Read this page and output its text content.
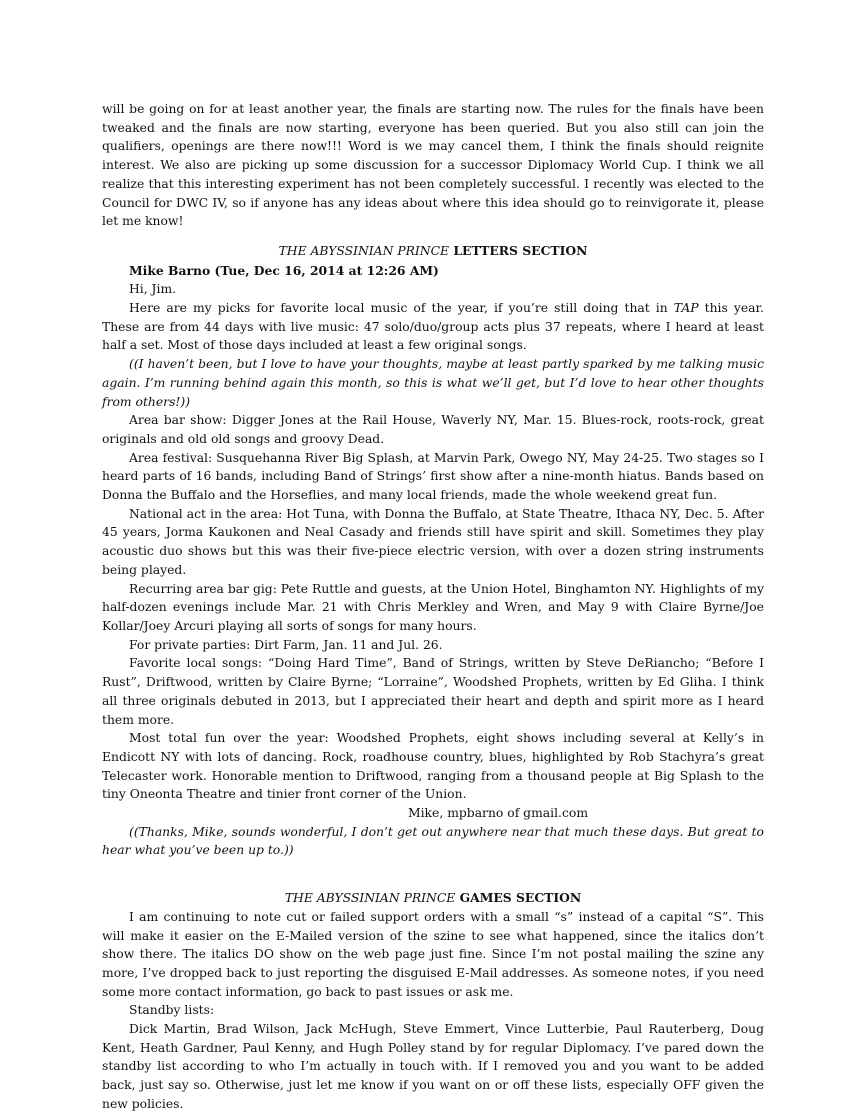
will be going on for at least another year, the finals are starting now. The rules for the finals have been tweaked and the finals are now starting, everyone has been queried. But you also still can join the qualifiers, openings are there now!!! Word is we may cancel them, I think the finals should reignite interest. We also are picking up some discussion for a successor Diplomacy World Cup. I think we all realize that this interesting experiment has not been completely successful. I recently was elected to the Council for DWC IV, so if anyone has any ideas about where this idea should go to reinvigorate it, please let me know!

THE ABYSSINIAN PRINCE LETTERS SECTION
Mike Barno (Tue, Dec 16, 2014 at 12:26 AM)

Hi, Jim.

Here are my picks for favorite local music of the year, if you’re still doing that in TAP this year. These are from 44 days with live music: 47 solo/duo/group acts plus 37 repeats, where I heard at least half a set. Most of those days included at least a few original songs.

((I haven’t been, but I love to have your thoughts, maybe at least partly sparked by me talking music again. I’m running behind again this month, so this is what we’ll get, but I’d love to hear other thoughts from others!))

Area bar show: Digger Jones at the Rail House, Waverly NY, Mar. 15. Blues-rock, roots-rock, great originals and old old songs and groovy Dead.

Area festival: Susquehanna River Big Splash, at Marvin Park, Owego NY, May 24-25. Two stages so I heard parts of 16 bands, including Band of Strings’ first show after a nine-month hiatus. Bands based on Donna the Buffalo and the Horseflies, and many local friends, made the whole weekend great fun.

National act in the area: Hot Tuna, with Donna the Buffalo, at State Theatre, Ithaca NY, Dec. 5. After 45 years, Jorma Kaukonen and Neal Casady and friends still have spirit and skill. Sometimes they play acoustic duo shows but this was their five-piece electric version, with over a dozen string instruments being played.

Recurring area bar gig: Pete Ruttle and guests, at the Union Hotel, Binghamton NY. Highlights of my half-dozen evenings include Mar. 21 with Chris Merkley and Wren, and May 9 with Claire Byrne/Joe Kollar/Joey Arcuri playing all sorts of songs for many hours.

For private parties: Dirt Farm, Jan. 11 and Jul. 26.

Favorite local songs: “Doing Hard Time”, Band of Strings, written by Steve DeRiancho; “Before I Rust”, Driftwood, written by Claire Byrne; “Lorraine”, Woodshed Prophets, written by Ed Gliha. I think all three originals debuted in 2013, but I appreciated their heart and depth and spirit more as I heard them more.

Most total fun over the year: Woodshed Prophets, eight shows including several at Kelly’s in Endicott NY with lots of dancing. Rock, roadhouse country, blues, highlighted by Rob Stachyra’s great Telecaster work. Honorable mention to Driftwood, ranging from a thousand people at Big Splash to the tiny Oneonta Theatre and tinier front corner of the Union.

Mike, mpbarno of gmail.com

((Thanks, Mike, sounds wonderful, I don’t get out anywhere near that much these days. But great to hear what you’ve been up to.))

THE ABYSSINIAN PRINCE GAMES SECTION

I am continuing to note cut or failed support orders with a small “s” instead of a capital “S”. This will make it easier on the E-Mailed version of the szine to see what happened, since the italics don’t show there. The italics DO show on the web page just fine. Since I’m not postal mailing the szine any more, I’ve dropped back to just reporting the disguised E-Mail addresses. As someone notes, if you need some more contact information, go back to past issues or ask me.

Standby lists:

Dick Martin, Brad Wilson, Jack McHugh, Steve Emmert, Vince Lutterbie, Paul Rauterberg, Doug Kent, Heath Gardner, Paul Kenny, and Hugh Polley stand by for regular Diplomacy. I’ve pared down the standby list according to who I’m actually in touch with. If I removed you and you want to be added back, just say so. Otherwise, just let me know if you want on or off these lists, especially OFF given the new policies.
